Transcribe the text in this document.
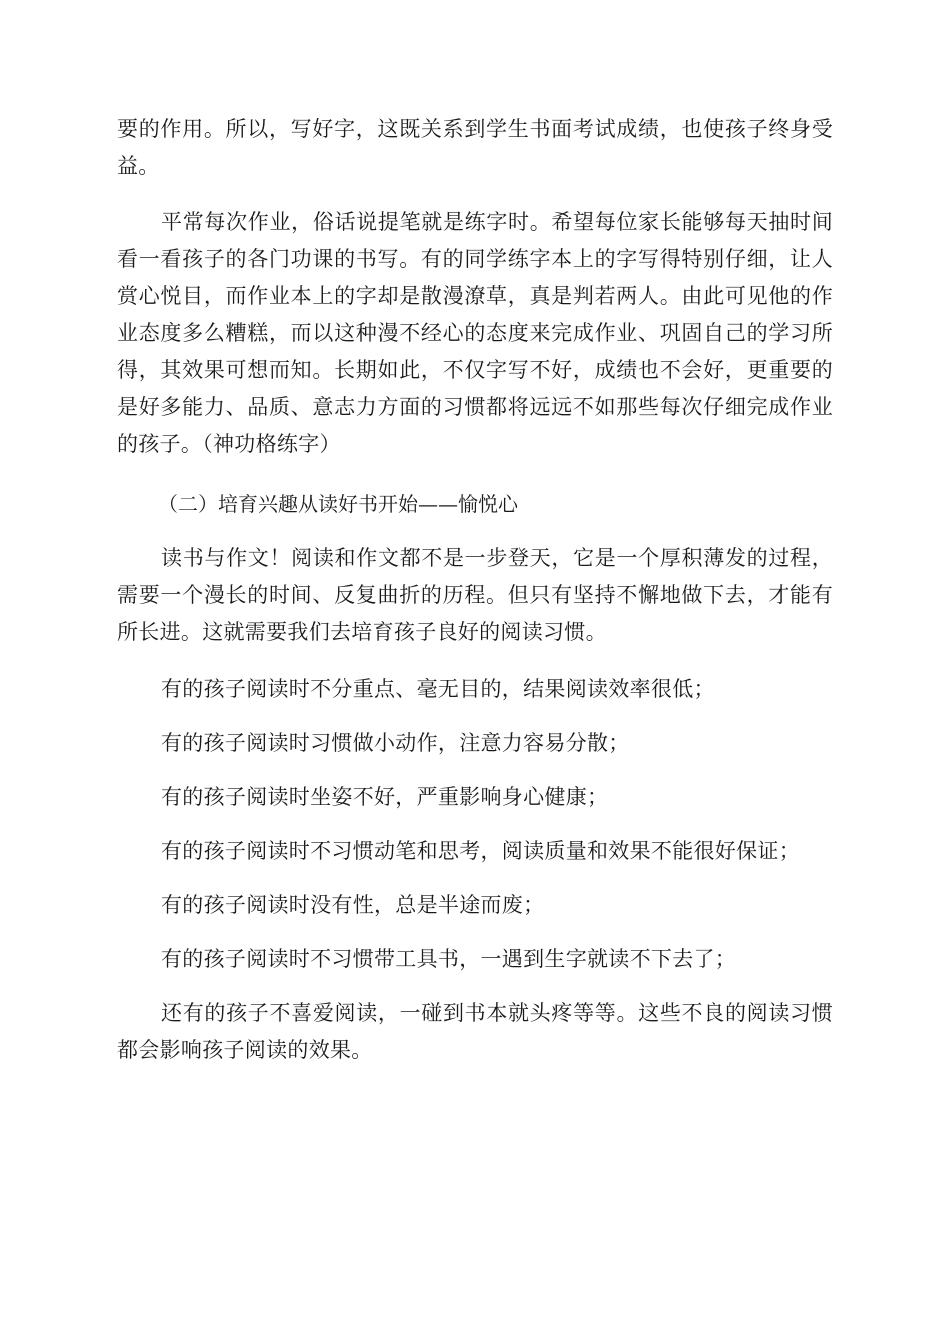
要的作用。所以，写好字，这既关系到学生书面考试成绩，也使孩子终身受益。

平常每次作业，俗话说提笔就是练字时。希望每位家长能够每天抽时间看一看孩子的各门功课的书写。有的同学练字本上的字写得特别仔细，让人赏心悦目，而作业本上的字却是散漫潦草，真是判若两人。由此可见他的作业态度多么糟糕，而以这种漫不经心的态度来完成作业、巩固自己的学习所得，其效果可想而知。长期如此，不仅字写不好，成绩也不会好，更重要的是好多能力、品质、意志力方面的习惯都将远远不如那些每次仔细完成作业的孩子。（神功格练字）

（二）培育兴趣从读好书开始——愉悦心

读书与作文！阅读和作文都不是一步登天，它是一个厚积薄发的过程，需要一个漫长的时间、反复曲折的历程。但只有坚持不懈地做下去，才能有所长进。这就需要我们去培育孩子良好的阅读习惯。

有的孩子阅读时不分重点、毫无目的，结果阅读效率很低；

有的孩子阅读时习惯做小动作，注意力容易分散；

有的孩子阅读时坐姿不好，严重影响身心健康；

有的孩子阅读时不习惯动笔和思考，阅读质量和效果不能很好保证；

有的孩子阅读时没有性，总是半途而废；

有的孩子阅读时不习惯带工具书，一遇到生字就读不下去了；

还有的孩子不喜爱阅读，一碰到书本就头疼等等。这些不良的阅读习惯都会影响孩子阅读的效果。
